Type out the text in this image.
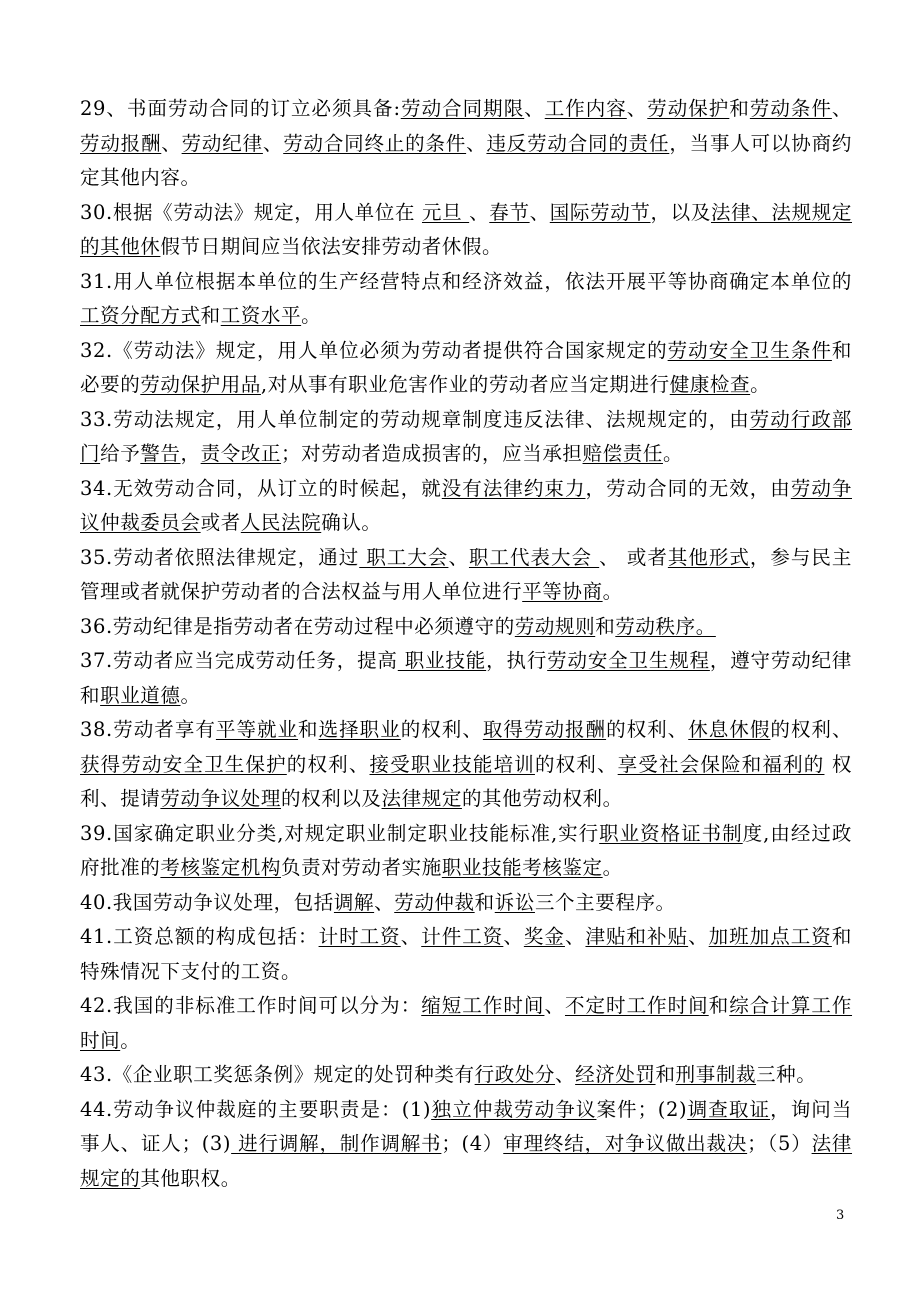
29、书面劳动合同的订立必须具备:劳动合同期限、工作内容、劳动保护和劳动条件、劳动报酬、劳动纪律、劳动合同终止的条件、违反劳动合同的责任，当事人可以协商约定其他内容。

30.根据《劳动法》规定，用人单位在 元旦 、春节、国际劳动节，以及法律、法规规定的其他休假节日期间应当依法安排劳动者休假。

31.用人单位根据本单位的生产经营特点和经济效益，依法开展平等协商确定本单位的工资分配方式和工资水平。

32.《劳动法》规定，用人单位必须为劳动者提供符合国家规定的劳动安全卫生条件和必要的劳动保护用品,对从事有职业危害作业的劳动者应当定期进行健康检查。

33.劳动法规定，用人单位制定的劳动规章制度违反法律、法规规定的，由劳动行政部门给予警告，责令改正；对劳动者造成损害的，应当承担赔偿责任。

34.无效劳动合同，从订立的时候起，就没有法律约束力，劳动合同的无效，由劳动争议仲裁委员会或者人民法院确认。

35.劳动者依照法律规定，通过 职工大会、职工代表大会 、 或者其他形式，参与民主管理或者就保护劳动者的合法权益与用人单位进行平等协商。

36.劳动纪律是指劳动者在劳动过程中必须遵守的劳动规则和劳动秩序。

37.劳动者应当完成劳动任务，提高 职业技能，执行劳动安全卫生规程，遵守劳动纪律和职业道德。

38.劳动者享有平等就业和选择职业的权利、取得劳动报酬的权利、休息休假的权利、获得劳动安全卫生保护的权利、接受职业技能培训的权利、享受社会保险和福利的 权利、提请劳动争议处理的权利以及法律规定的其他劳动权利。

39.国家确定职业分类,对规定职业制定职业技能标准,实行职业资格证书制度,由经过政府批准的考核鉴定机构负责对劳动者实施职业技能考核鉴定。

40.我国劳动争议处理，包括调解、劳动仲裁和诉讼三个主要程序。

41.工资总额的构成包括：计时工资、计件工资、奖金、津贴和补贴、加班加点工资和特殊情况下支付的工资。

42.我国的非标准工作时间可以分为：缩短工作时间、不定时工作时间和综合计算工作时间。

43.《企业职工奖惩条例》规定的处罚种类有行政处分、经济处罚和刑事制裁三种。

44.劳动争议仲裁庭的主要职责是：(1)独立仲裁劳动争议案件；(2)调查取证，询问当事人、证人；(3) 进行调解，制作调解书；(4）审理终结，对争议做出裁决；（5）法律规定的其他职权。

3
